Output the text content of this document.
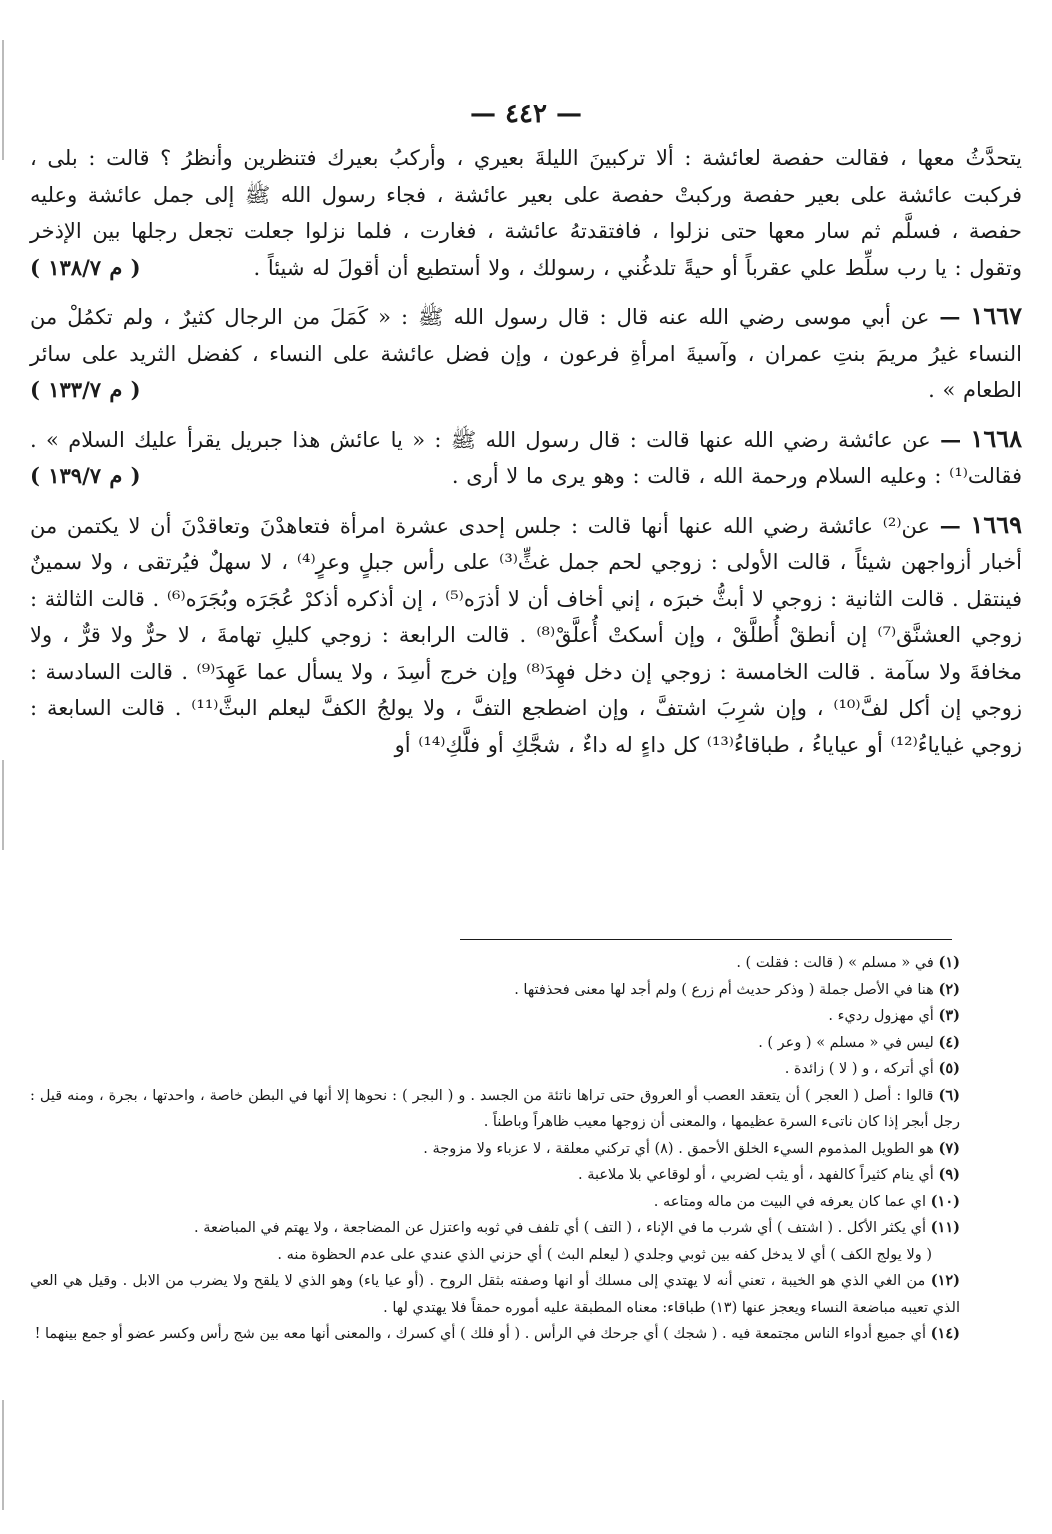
— ٤٤٢ —

يتحدَّثُ معها ، فقالت حفصة لعائشة : ألا تركبينَ الليلةَ بعيري ، وأركبُ بعيرك فتنظرين وأنظرُ ؟ قالت : بلى ، فركبت عائشة على بعير حفصة وركبتْ حفصة على بعير عائشة ، فجاء رسول الله ﷺ إلى جمل عائشة وعليه حفصة ، فسلَّم ثم سار معها حتى نزلوا ، فافتقدتهُ عائشة ، فغارت ، فلما نزلوا جعلت تجعل رجلها بين الإذخر وتقول : يا رب سلِّط علي عقرباً أو حيةً تلدغُني ، رسولك ، ولا أستطيع أن أقولَ له شيئاً .
( م ١٣٨/٧ )

١٦٦٧ — عن أبي موسى رضي الله عنه قال : قال رسول الله ﷺ : « كَمَلَ من الرجال كثيرٌ ، ولم تكمُلْ من النساء غيرُ مريمَ بنتِ عمران ، وآسيةَ امرأةِ فرعون ، وإن فضل عائشة على النساء ، كفضل الثريد على سائر الطعام » .
( م ١٣٣/٧ )

١٦٦٨ — عن عائشة رضي الله عنها قالت : قال رسول الله ﷺ : « يا عائش هذا جبريل يقرأ عليك السلام » . فقالت⁽¹⁾ : وعليه السلام ورحمة الله ، قالت : وهو يرى ما لا أرى .
( م ١٣٩/٧ )

١٦٦٩ — عن⁽²⁾ عائشة رضي الله عنها أنها قالت : جلس إحدى عشرة امرأة فتعاهدْنَ وتعاقدْنَ أن لا يكتمن من أخبار أزواجهن شيئاً ، قالت الأولى : زوجي لحم جمل غثٍّ⁽³⁾ على رأس جبلٍ وعرٍ⁽⁴⁾ ، لا سهلٌ فيُرتقى ، ولا سمينٌ فينتقل . قالت الثانية : زوجي لا أبثُّ خبرَه ، إني أخاف أن لا أذرَه⁽⁵⁾ ، إن أذكره أذكرْ عُجَرَه وبُجَرَه⁽⁶⁾ . قالت الثالثة : زوجي العشنَّق⁽⁷⁾ إن أنطقْ أُطلَّقْ ، وإن أسكتْ أُعلَّقْ⁽⁸⁾ . قالت الرابعة : زوجي كليلِ تهامةَ ، لا حرٌّ ولا قرٌّ ، ولا مخافةَ ولا سآمة . قالت الخامسة : زوجي إن دخل فهِدَ⁽⁸⁾ وإن خرج أسِدَ ، ولا يسأل عما عَهِدَ⁽⁹⁾ . قالت السادسة : زوجي إن أكل لفَّ⁽¹⁰⁾ ، وإن شرِبَ اشتفَّ ، وإن اضطجع التفَّ ، ولا يولجُ الكفَّ ليعلم البثَّ⁽¹¹⁾ . قالت السابعة : زوجي غياياءُ⁽¹²⁾ أو عياياءُ ، طباقاءُ⁽¹³⁾ كل داءٍ له داءٌ ، شجَّكِ أو فلَّكِ⁽¹⁴⁾ أو

(١) في « مسلم » ( قالت : فقلت ) .

(٢) هنا في الأصل جملة ( وذكر حديث أم زرع ) ولم أجد لها معنى فحذفتها .

(٣) أي مهزول رديء .

(٤) ليس في « مسلم » ( وعر ) .

(٥) أي أتركه ، و ( لا ) زائدة .

(٦) قالوا : أصل ( العجر ) أن يتعقد العصب أو العروق حتى تراها ناتئة من الجسد . و ( البجر ) : نحوها إلا أنها في البطن خاصة ، واحدتها ، بجرة ، ومنه قيل : رجل أبجر إذا كان ناتىء السرة عظيمها ، والمعنى أن زوجها معيب ظاهراً وباطناً .

(٧) هو الطويل المذموم السيء الخلق الأحمق . (٨) أي تركني معلقة ، لا عزباء ولا مزوجة .

(٩) أي ينام كثيراً كالفهد ، أو يثب لضربي ، أو لوقاعي بلا ملاعبة .

(١٠) اي عما كان يعرفه في البيت من ماله ومتاعه .

(١١) أي يكثر الأكل . ( اشتف ) أي شرب ما في الإناء ، ( التف ) أي تلفف في ثوبه واعتزل عن المضاجعة ، ولا يهتم في المباضعة .
( ولا يولج الكف ) أي لا يدخل كفه بين ثوبي وجلدي ( ليعلم البث ) أي حزني الذي عندي على عدم الحظوة منه .

(١٢) من الغي الذي هو الخيبة ، تعني أنه لا يهتدي إلى مسلك أو انها وصفته بثقل الروح . (أو عيا ياء) وهو الذي لا يلقح ولا يضرب من الابل . وقيل هي العي الذي تعيبه مباضعة النساء ويعجز عنها (١٣) طباقاء: معناه المطبقة عليه أموره حمقاً فلا يهتدي لها .

(١٤) أي جميع أدواء الناس مجتمعة فيه . ( شجك ) أي جرحك في الرأس . ( أو فلك ) أي كسرك ، والمعنى أنها معه بين شج رأس وكسر عضو أو جمع بينهما !
